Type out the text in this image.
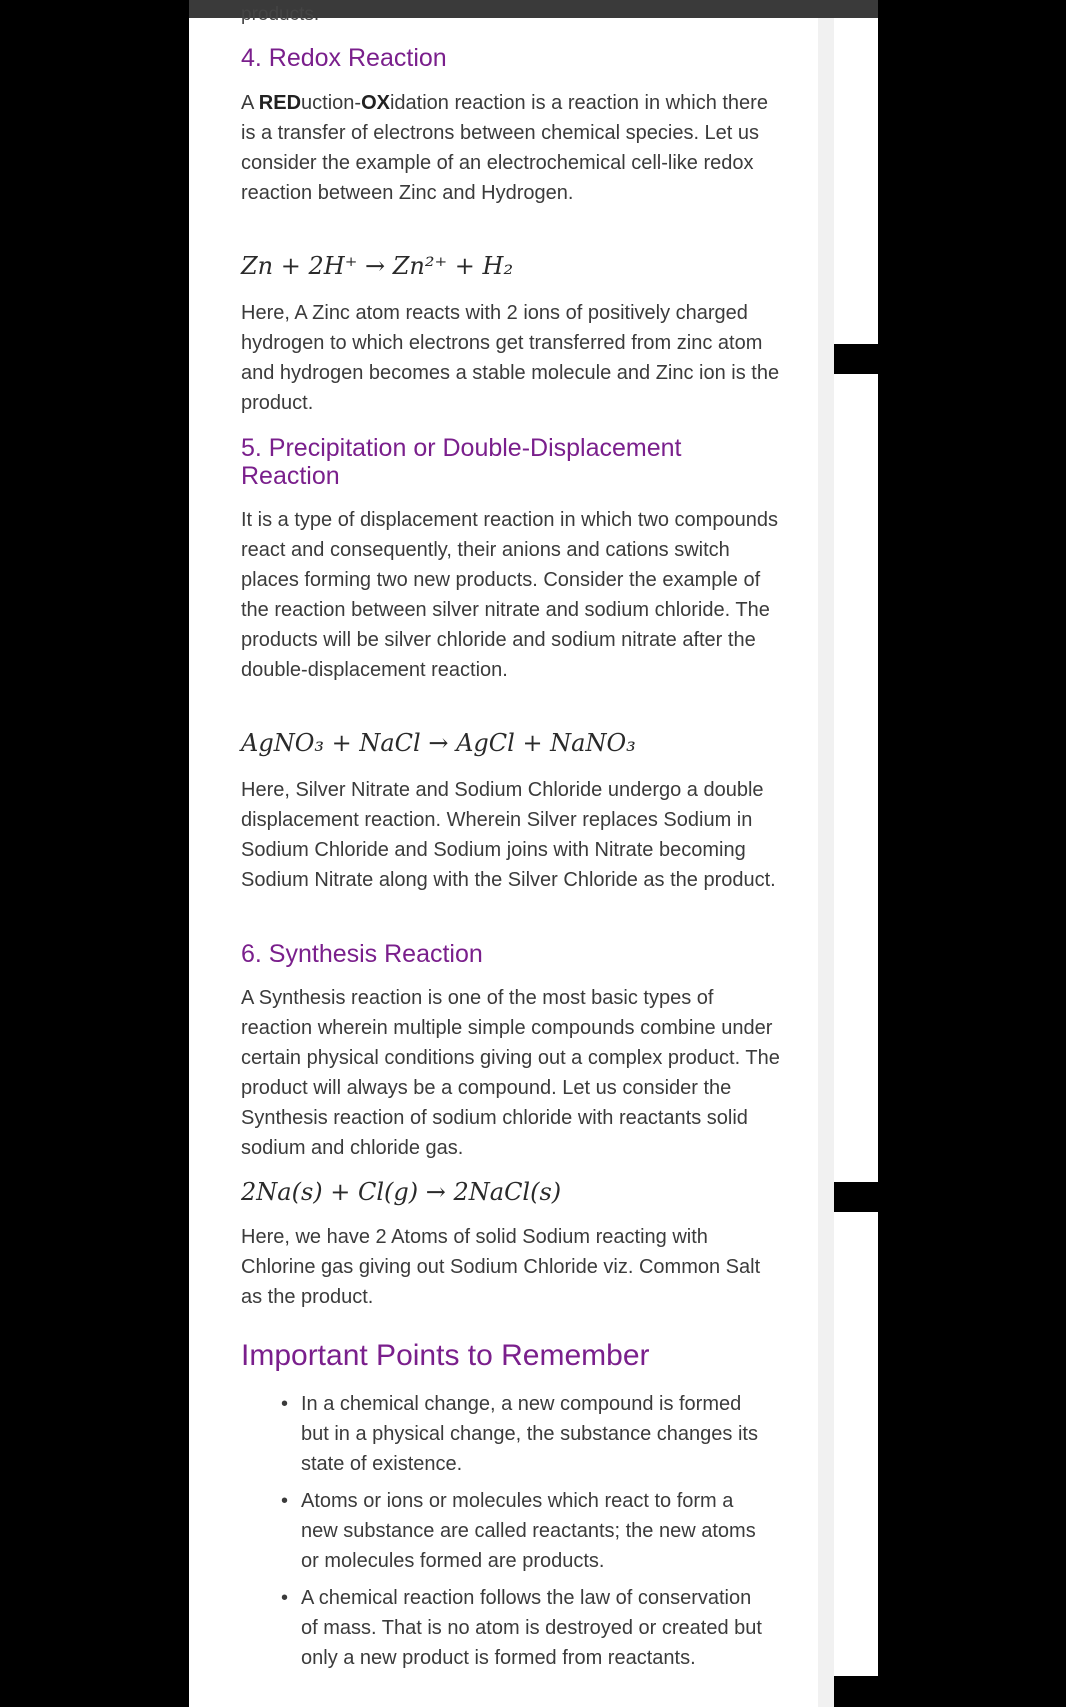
products.
4. Redox Reaction

A REDuction-OXidation reaction is a reaction in which there is a transfer of electrons between chemical species. Let us consider the example of an electrochemical cell-like redox reaction between Zinc and Hydrogen.

Zn + 2H⁺ → Zn²⁺ + H₂

Here, A Zinc atom reacts with 2 ions of positively charged hydrogen to which electrons get transferred from zinc atom and hydrogen becomes a stable molecule and Zinc ion is the product.

5. Precipitation or Double-Displacement
Reaction

It is a type of displacement reaction in which two compounds react and consequently, their anions and cations switch places forming two new products. Consider the example of the reaction between silver nitrate and sodium chloride. The products will be silver chloride and sodium nitrate after the double-displacement reaction.

AgNO₃ + NaCl → AgCl + NaNO₃

Here, Silver Nitrate and Sodium Chloride undergo a double displacement reaction. Wherein Silver replaces Sodium in Sodium Chloride and Sodium joins with Nitrate becoming Sodium Nitrate along with the Silver Chloride as the product.

6. Synthesis Reaction

A Synthesis reaction is one of the most basic types of reaction wherein multiple simple compounds combine under certain physical conditions giving out a complex product. The product will always be a compound. Let us consider the Synthesis reaction of sodium chloride with reactants solid sodium and chloride gas.

2Na(s) + Cl(g) → 2NaCl(s)

Here, we have 2 Atoms of solid Sodium reacting with Chlorine gas giving out Sodium Chloride viz. Common Salt as the product.

Important Points to Remember
• In a chemical change, a new compound is formed but in a physical change, the substance changes its state of existence.
• Atoms or ions or molecules which react to form a new substance are called reactants; the new atoms or molecules formed are products.
• A chemical reaction follows the law of conservation of mass. That is no atom is destroyed or created but only a new product is formed from reactants.
